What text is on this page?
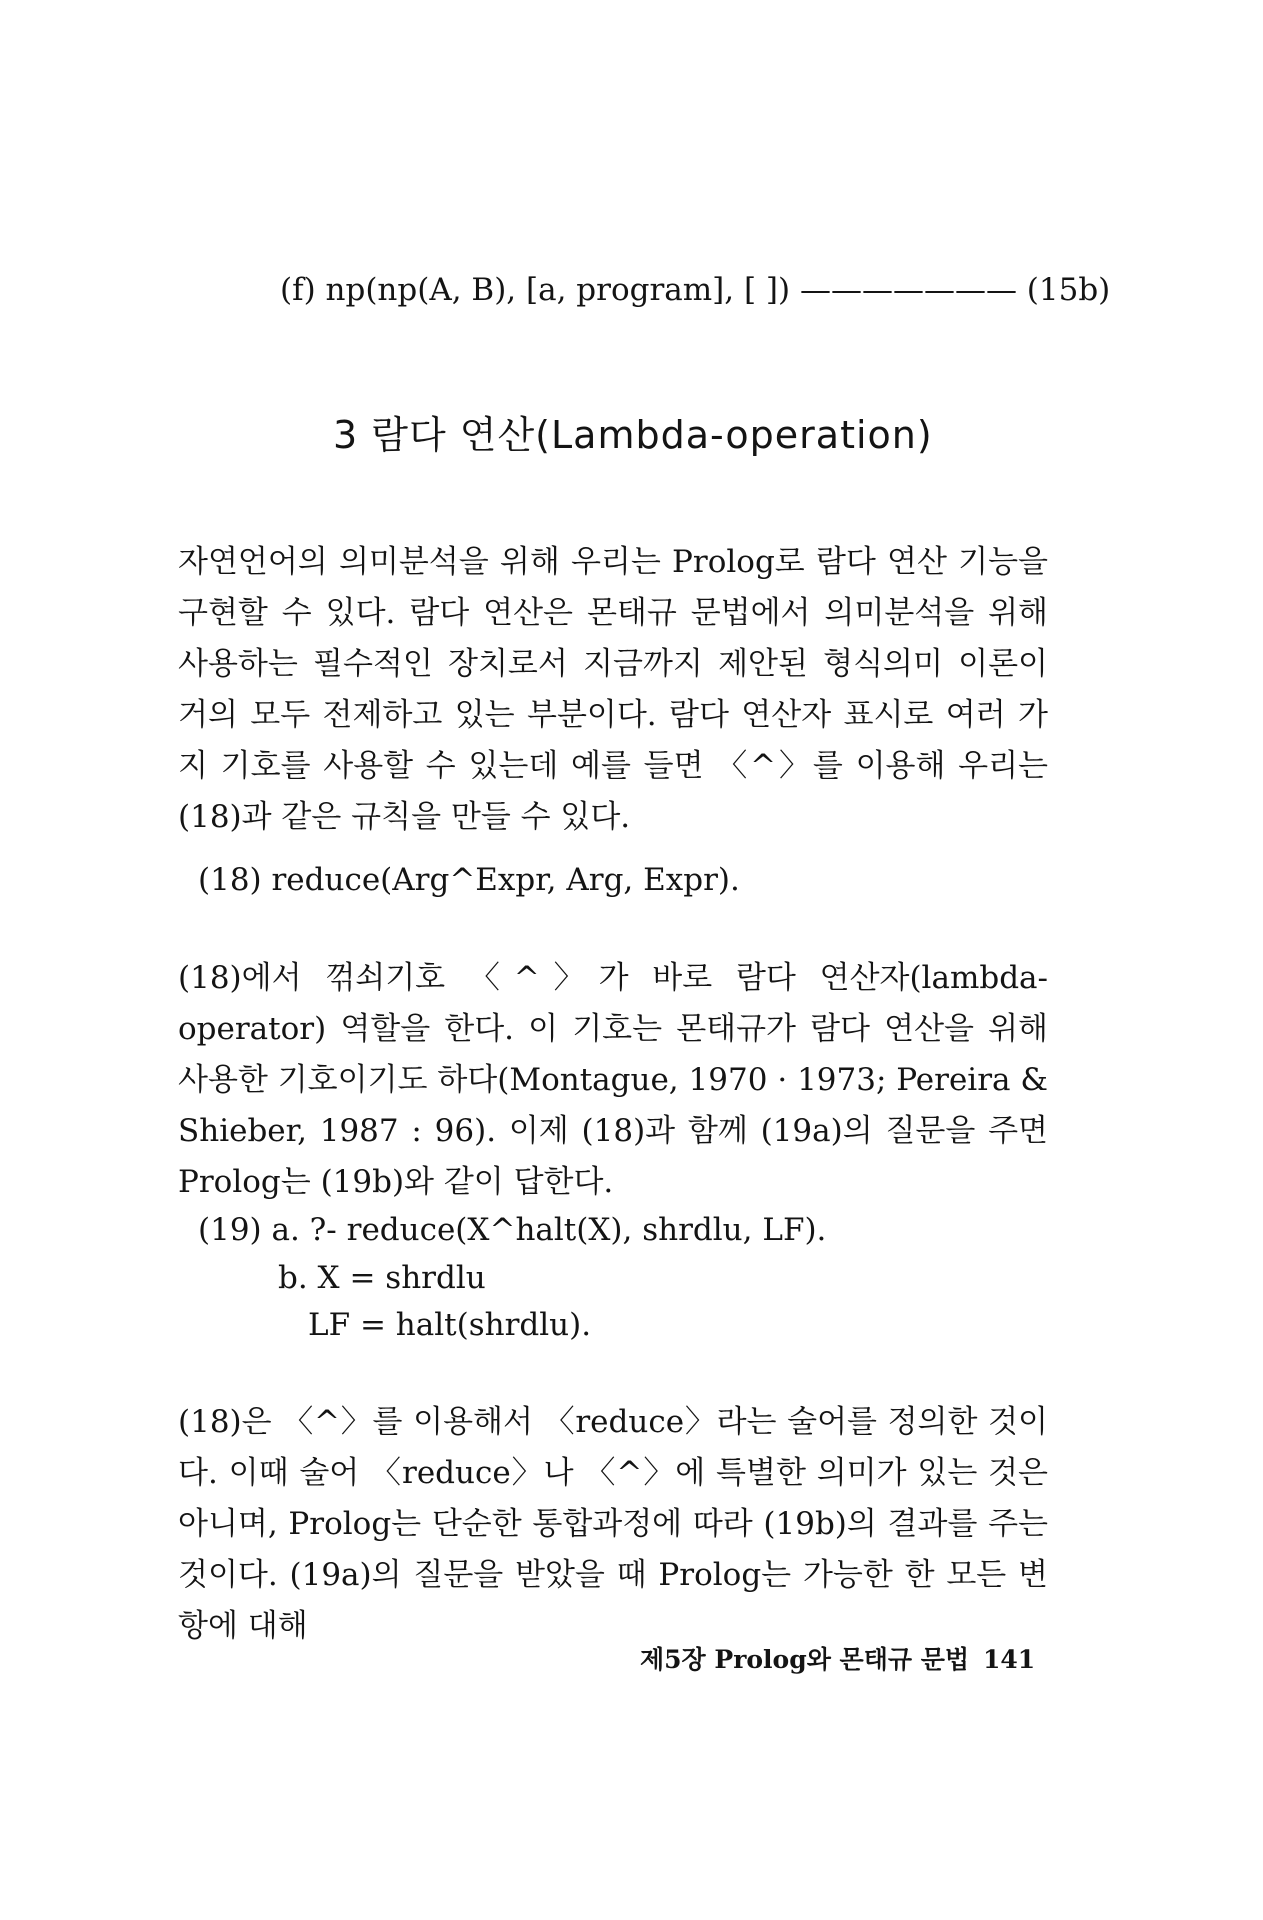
(f) np(np(A, B), [a, program], [ ]) ——————— (15b)
3 람다 연산(Lambda-operation)
자연언어의 의미분석을 위해 우리는 Prolog로 람다 연산 기능을 구현할 수 있다. 람다 연산은 몬태규 문법에서 의미분석을 위해 사용하는 필수적인 장치로서 지금까지 제안된 형식의미 이론이 거의 모두 전제하고 있는 부분이다. 람다 연산자 표시로 여러 가지 기호를 사용할 수 있는데 예를 들면 〈^〉를 이용해 우리는 (18)과 같은 규칙을 만들 수 있다.
(18) reduce(Arg^Expr, Arg, Expr).
(18)에서 꺾쇠기호 〈^〉가 바로 람다 연산자(lambda-operator) 역할을 한다. 이 기호는 몬태규가 람다 연산을 위해 사용한 기호이기도 하다(Montague, 1970 · 1973; Pereira & Shieber, 1987 : 96). 이제 (18)과 함께 (19a)의 질문을 주면 Prolog는 (19b)와 같이 답한다.
(19) a. ?- reduce(X^halt(X), shrdlu, LF).
b. X = shrdlu
LF = halt(shrdlu).
(18)은 〈^〉를 이용해서 〈reduce〉라는 술어를 정의한 것이다. 이때 술어 〈reduce〉나 〈^〉에 특별한 의미가 있는 것은 아니며, Prolog는 단순한 통합과정에 따라 (19b)의 결과를 주는 것이다. (19a)의 질문을 받았을 때 Prolog는 가능한 한 모든 변항에 대해
제5장 Prolog와 몬태규 문법 141
